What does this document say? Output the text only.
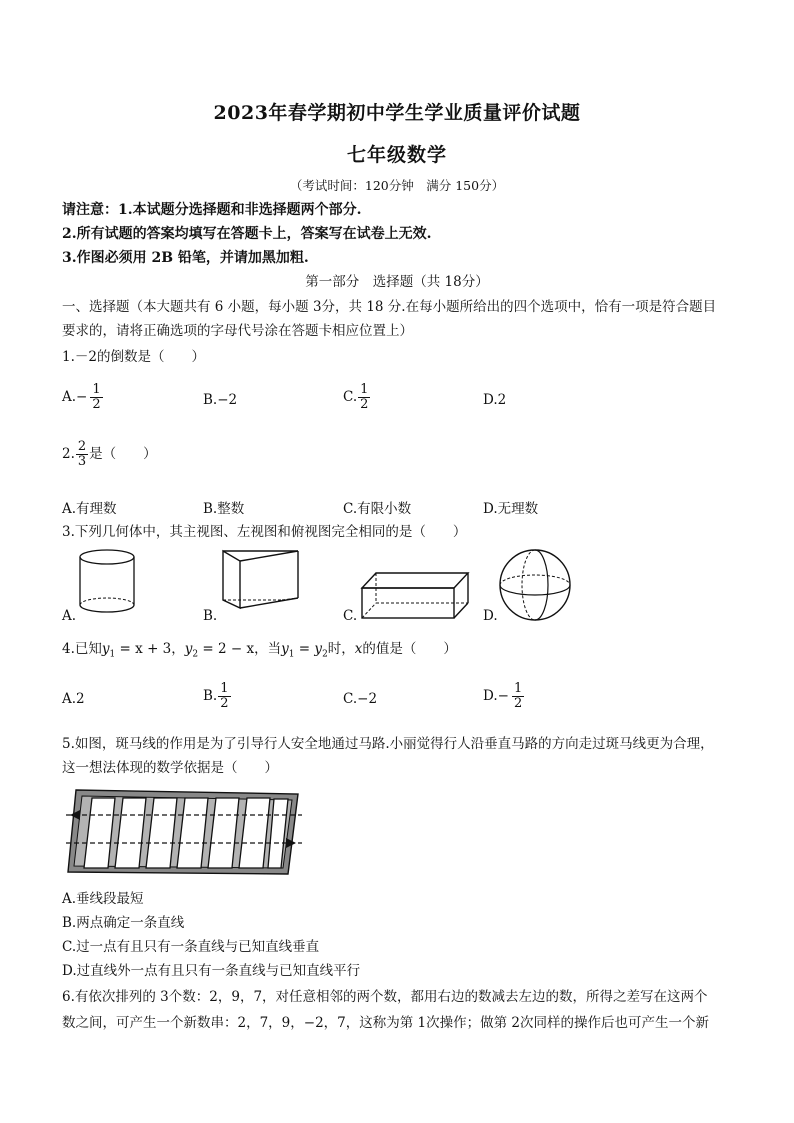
2023年春学期初中学生学业质量评价试题
七年级数学
（考试时间：120分钟　满分 150分）
请注意：1.本试题分选择题和非选择题两个部分.
2.所有试题的答案均填写在答题卡上，答案写在试卷上无效.
3.作图必须用 2B 铅笔，并请加黑加粗.
第一部分　选择题（共 18分）
一、选择题（本大题共有 6 小题，每小题 3分，共 18 分.在每小题所给出的四个选项中，恰有一项是符合题目
要求的，请将正确选项的字母代号涂在答题卡相应位置上）
1.－2的倒数是（　　）
$A.- \frac{1}{2}$	B.−2	C. $\frac{1}{2}$	D.2
2. $\frac{2}{3}$ 是（　　）
A.有理数	B.整数	C.有限小数	D.无理数
3.下列几何体中，其主视图、左视图和俯视图完全相同的是（　　）
A.	B.	C.	D.
4.已知$y_1 = x + 3$，$y_2 = 2 - x$，当$y_1 = y_2$时，x的值是（　　）
A.2	B. $\frac{1}{2}$	C.−2	$D.- \frac{1}{2}$
5.如图，斑马线的作用是为了引导行人安全地通过马路.小丽觉得行人沿垂直马路的方向走过斑马线更为合理，
这一想法体现的数学依据是（　　）
A.垂线段最短
B.两点确定一条直线
C.过一点有且只有一条直线与已知直线垂直
D.过直线外一点有且只有一条直线与已知直线平行
6.有依次排列的 3个数：2，9，7，对任意相邻的两个数，都用右边的数减去左边的数，所得之差写在这两个
数之间，可产生一个新数串：2，7，9，−2，7，这称为第 1次操作；做第 2次同样的操作后也可产生一个新
